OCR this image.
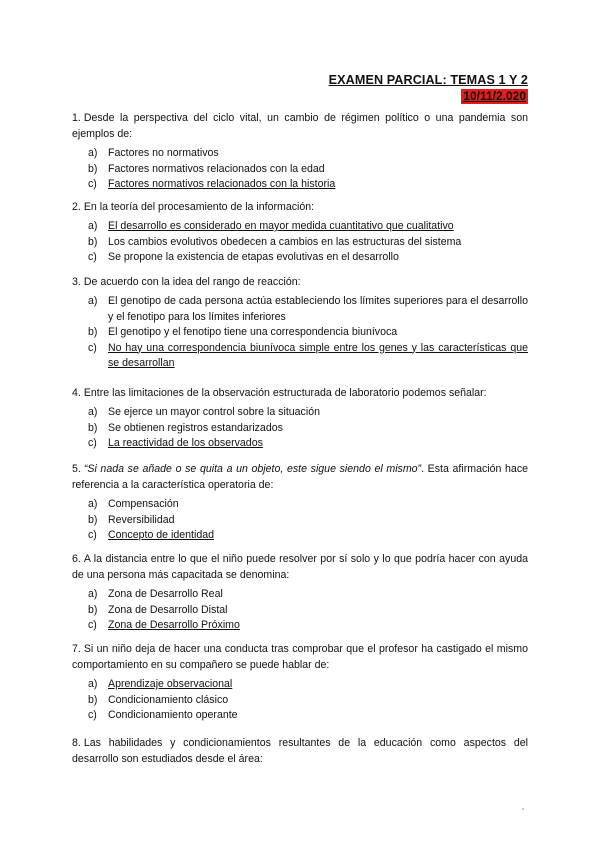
EXAMEN PARCIAL: TEMAS 1 Y 2
10/11/2.020
1. Desde la perspectiva del ciclo vital, un cambio de régimen político o una pandemia son ejemplos de:
a) Factores no normativos
b) Factores normativos relacionados con la edad
c)	Factores normativos relacionados con la historia
2. En la teoría del procesamiento de la información:
a) El desarrollo es considerado en mayor medida cuantitativo que cualitativo
b) Los cambios evolutivos obedecen a cambios en las estructuras del sistema
c)	Se propone la existencia de etapas evolutivas en el desarrollo
3. De acuerdo con la idea del rango de reacción:
a) El genotipo de cada persona actúa estableciendo los límites superiores para el desarrollo y el fenotipo para los límites inferiores
b) El genotipo y el fenotipo tiene una correspondencia biunívoca
c)	No hay una correspondencia biunívoca simple entre los genes y las características que se desarrollan
4. Entre las limitaciones de la observación estructurada de laboratorio podemos señalar:
a) Se ejerce un mayor control sobre la situación
b) Se obtienen registros estandarizados
c)	La reactividad de los observados
5. “Si nada se añade o se quita a un objeto, este sigue siendo el mismo”. Esta afirmación hace referencia a la característica operatoria de:
a) Compensación
b) Reversibilidad
c)	Concepto de identidad
6. A la distancia entre lo que el niño puede resolver por sí solo y lo que podría hacer con ayuda de una persona más capacitada se denomina:
a) Zona de Desarrollo Real
b) Zona de Desarrollo Distal
c)	Zona de Desarrollo Próximo
7. Si un niño deja de hacer una conducta tras comprobar que el profesor ha castigado el mismo comportamiento en su compañero se puede hablar de:
a) Aprendizaje observacional
b) Condicionamiento clásico
c)	Condicionamiento operante
8. Las habilidades y condicionamientos resultantes de la educación como aspectos del desarrollo son estudiados desde el área:
